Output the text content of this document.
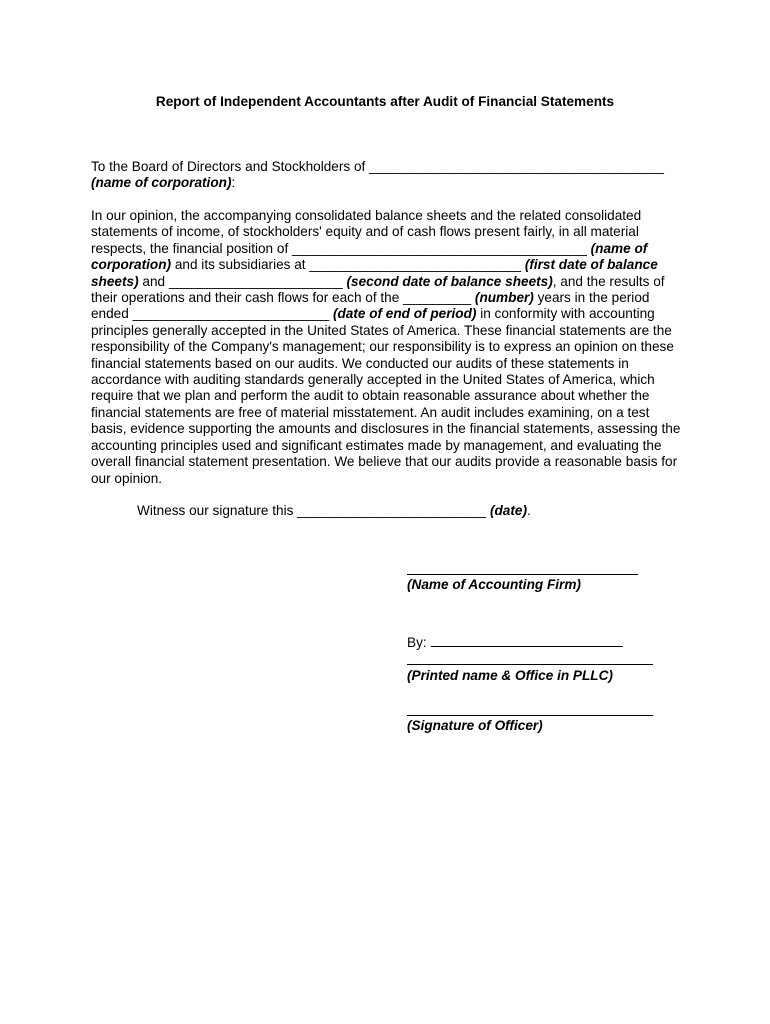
Report of Independent Accountants after Audit of Financial Statements
To the Board of Directors and Stockholders of _______________________________________
(name of corporation):

In our opinion, the accompanying consolidated balance sheets and the related consolidated statements of income, of stockholders' equity and of cash flows present fairly, in all material respects, the financial position of _______________________________________ (name of corporation) and its subsidiaries at ____________________________ (first date of balance sheets) and _______________________ (second date of balance sheets), and the results of their operations and their cash flows for each of the _________ (number) years in the period ended __________________________ (date of end of period) in conformity with accounting principles generally accepted in the United States of America. These financial statements are the responsibility of the Company's management; our responsibility is to express an opinion on these financial statements based on our audits. We conducted our audits of these statements in accordance with auditing standards generally accepted in the United States of America, which require that we plan and perform the audit to obtain reasonable assurance about whether the financial statements are free of material misstatement. An audit includes examining, on a test basis, evidence supporting the amounts and disclosures in the financial statements, assessing the accounting principles used and significant estimates made by management, and evaluating the overall financial statement presentation. We believe that our audits provide a reasonable basis for our opinion.

Witness our signature this _________________________ (date).
(Name of Accounting Firm)
By:
(Printed name & Office in PLLC)
(Signature of Officer)
